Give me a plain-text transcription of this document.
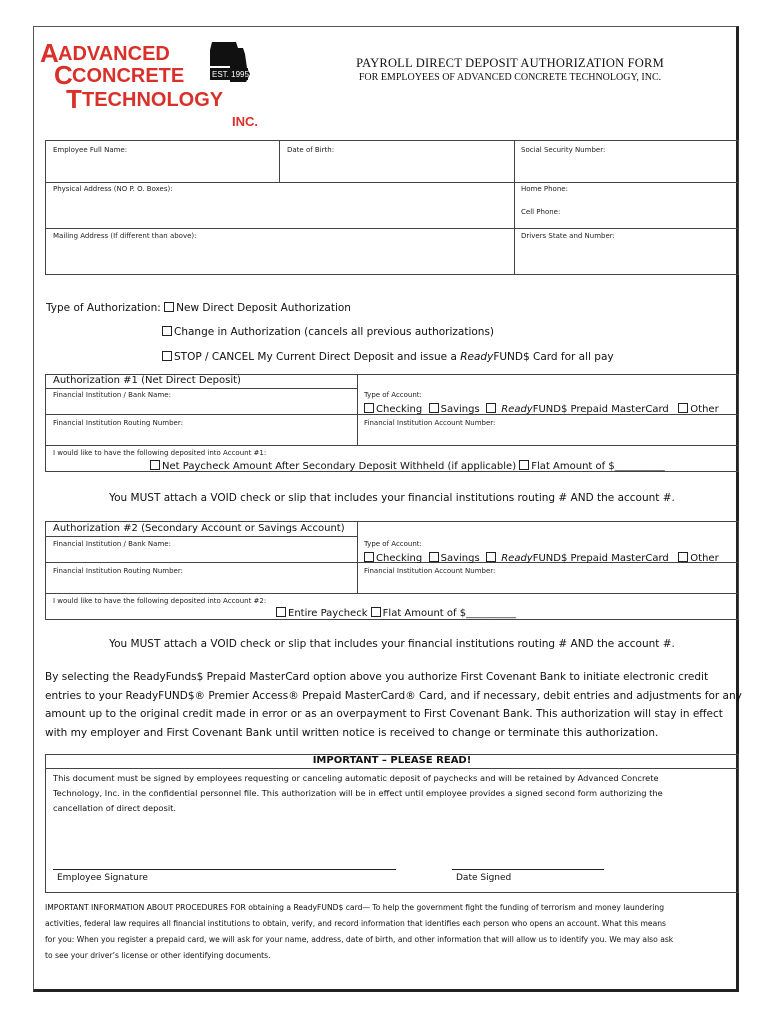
A ADVANCED
C CONCRETE	EST. 1995
T TECHNOLOGY
INC.
PAYROLL DIRECT DEPOSIT AUTHORIZATION FORM
FOR EMPLOYEES OF ADVANCED CONCRETE TECHNOLOGY, INC.
Employee Full Name:	Date of Birth:	Social Security Number:
Physical Address (NO P. O. Boxes):	Home Phone:
Cell Phone:
Mailing Address (If different than above):	Drivers State and Number:
Type of Authorization: New Direct Deposit Authorization
Change in Authorization (cancels all previous authorizations)
STOP / CANCEL My Current Direct Deposit and issue a ReadyFUND$ Card for all pay
Authorization #1 (Net Direct Deposit)
Financial Institution / Bank Name:	Type of Account:
Checking Savings ReadyFUND$ Prepaid MasterCard Other
Financial Institution Routing Number:	Financial Institution Account Number:
I would like to have the following deposited into Account #1:
Net Paycheck Amount After Secondary Deposit Withheld (if applicable) Flat Amount of $__________
You MUST attach a VOID check or slip that includes your financial institutions routing # AND the account #.
Authorization #2 (Secondary Account or Savings Account)
Financial Institution / Bank Name:	Type of Account:
Checking Savings ReadyFUND$ Prepaid MasterCard Other
Financial Institution Routing Number:	Financial Institution Account Number:
I would like to have the following deposited into Account #2:
Entire Paycheck Flat Amount of $__________
You MUST attach a VOID check or slip that includes your financial institutions routing # AND the account #.
By selecting the ReadyFunds$ Prepaid MasterCard option above you authorize First Covenant Bank to initiate electronic credit
entries to your ReadyFUND$® Premier Access® Prepaid MasterCard® Card, and if necessary, debit entries and adjustments for any
amount up to the original credit made in error or as an overpayment to First Covenant Bank. This authorization will stay in effect
with my employer and First Covenant Bank until written notice is received to change or terminate this authorization.
IMPORTANT – PLEASE READ!
This document must be signed by employees requesting or canceling automatic deposit of paychecks and will be retained by Advanced Concrete
Technology, Inc. in the confidential personnel file. This authorization will be in effect until employee provides a signed second form authorizing the
cancellation of direct deposit.
Employee Signature	Date Signed
IMPORTANT INFORMATION ABOUT PROCEDURES FOR obtaining a ReadyFUND$ card— To help the government fight the funding of terrorism and money laundering
activities, federal law requires all financial institutions to obtain, verify, and record information that identifies each person who opens an account. What this means
for you: When you register a prepaid card, we will ask for your name, address, date of birth, and other information that will allow us to identify you. We may also ask
to see your driver’s license or other identifying documents.
